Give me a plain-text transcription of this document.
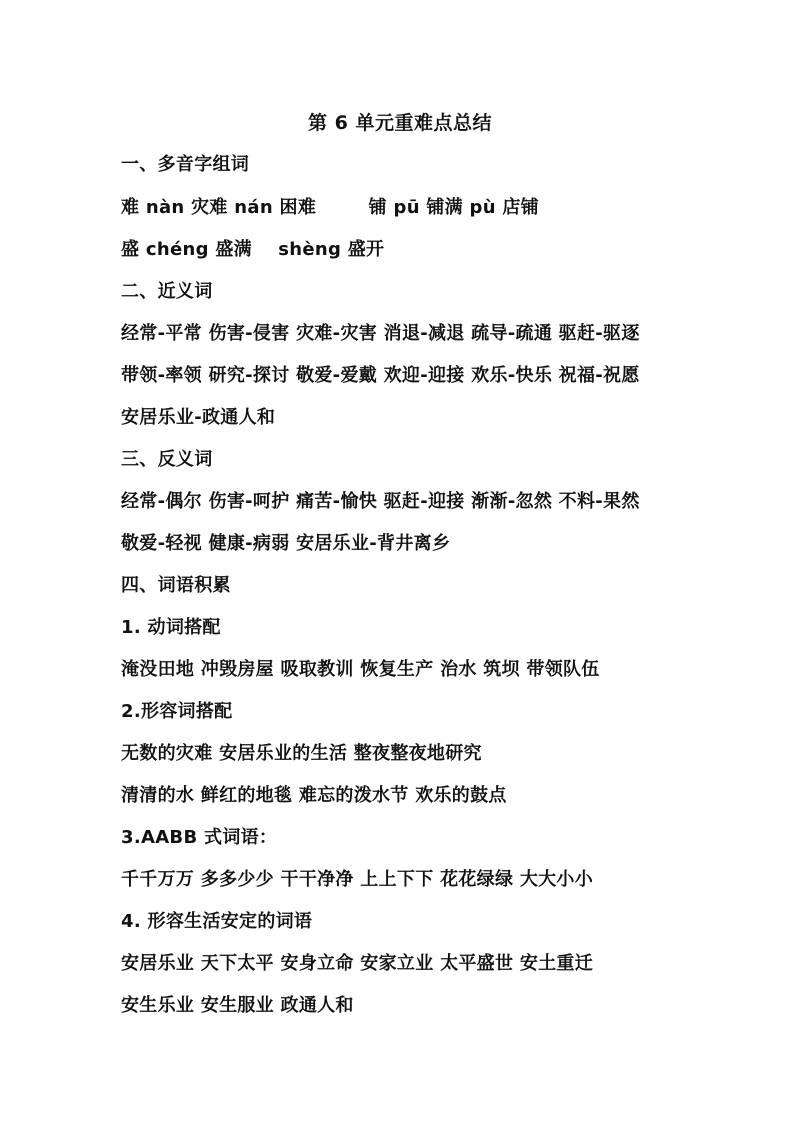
第 6 单元重难点总结
一、多音字组词
难 nàn 灾难 nán 困难        铺 pū 铺满 pù 店铺
盛 chéng 盛满    shèng 盛开
二、近义词
经常-平常 伤害-侵害 灾难-灾害 消退-减退 疏导-疏通 驱赶-驱逐
带领-率领 研究-探讨 敬爱-爱戴 欢迎-迎接 欢乐-快乐 祝福-祝愿
安居乐业-政通人和
三、反义词
经常-偶尔 伤害-呵护 痛苦-愉快 驱赶-迎接 渐渐-忽然 不料-果然
敬爱-轻视 健康-病弱 安居乐业-背井离乡
四、词语积累
1. 动词搭配
淹没田地 冲毁房屋 吸取教训 恢复生产 治水 筑坝 带领队伍
2.形容词搭配
无数的灾难 安居乐业的生活 整夜整夜地研究
清清的水 鲜红的地毯 难忘的泼水节 欢乐的鼓点
3.AABB 式词语：
千千万万 多多少少 干干净净 上上下下 花花绿绿 大大小小
4. 形容生活安定的词语
安居乐业 天下太平 安身立命 安家立业 太平盛世 安土重迁
安生乐业 安生服业 政通人和
